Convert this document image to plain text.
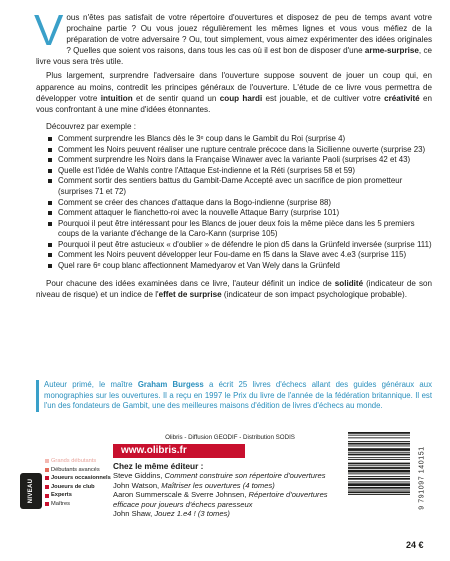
Vous n'êtes pas satisfait de votre répertoire d'ouvertures et disposez de peu de temps avant votre prochaine partie ? Ou vous jouez régulièrement les mêmes lignes et vous vous méfiez de la préparation de votre adversaire ? Ou, tout simplement, vous aimez expérimenter des idées originales ? Quelles que soient vos raisons, dans tous les cas où il est bon de disposer d'une arme-surprise, ce livre vous sera très utile.

Plus largement, surprendre l'adversaire dans l'ouverture suppose souvent de jouer un coup qui, en apparence au moins, contredit les principes généraux de l'ouverture. L'étude de ce livre vous permettra de développer votre intuition et de sentir quand un coup hardi est jouable, et de cultiver votre créativité en vous confrontant à une mine d'idées étonnantes.

Découvrez par exemple :

Comment surprendre les Blancs dès le 3ᵉ coup dans le Gambit du Roi (surprise 4)
Comment les Noirs peuvent réaliser une rupture centrale précoce dans la Sicilienne ouverte (surprise 23)
Comment surprendre les Noirs dans la Française Winawer avec la variante Paoli (surprises 42 et 43)
Quelle est l'idée de Wahls contre l'Attaque Est-indienne et la Réti (surprises 58 et 59)
Comment sortir des sentiers battus du Gambit-Dame Accepté avec un sacrifice de pion prometteur (surprises 71 et 72)
Comment se créer des chances d'attaque dans la Bogo-indienne (surprise 88)
Comment attaquer le fianchetto-roi avec la nouvelle Attaque Barry (surprise 101)
Pourquoi il peut être intéressant pour les Blancs de jouer deux fois la même pièce dans les 5 premiers coups de la variante d'échange de la Caro-Kann (surprise 105)
Pourquoi il peut être astucieux « d'oublier » de défendre le pion d5 dans la Grünfeld inversée (surprise 111)
Comment les Noirs peuvent développer leur Fou-dame en f5 dans la Slave avec 4.e3 (surprise 115)
Quel rare 6ᵉ coup blanc affectionnent Mamedyarov et Van Wely dans la Grünfeld

Pour chacune des idées examinées dans ce livre, l'auteur définit un indice de solidité (indicateur de son niveau de risque) et un indice de l'effet de surprise (indicateur de son impact psychologique probable).

Auteur primé, le maître Graham Burgess a écrit 25 livres d'échecs allant des guides généraux aux monographies sur les ouvertures. Il a reçu en 1997 le Prix du livre de l'année de la fédération britannique. Il est l'un des fondateurs de Gambit, une des meilleures maisons d'édition de livres d'échecs au monde.
Olibris - Diffusion GEODIF - Distribution SODIS
www.olibris.fr
Chez le même éditeur :
Steve Giddins, Comment construire son répertoire d'ouvertures
John Watson, Maîtriser les ouvertures (4 tomes)
Aaron Summerscale & Sverre Johnsen, Répertoire d'ouvertures efficace pour joueurs d'échecs paresseux
John Shaw, Jouez 1.e4 ! (3 tomes)
NIVEAU
Grands débutants
Débutants avancés
Joueurs occasionnels
Joueurs de club
Experts
Maîtres	9 791097 140151
24 €
